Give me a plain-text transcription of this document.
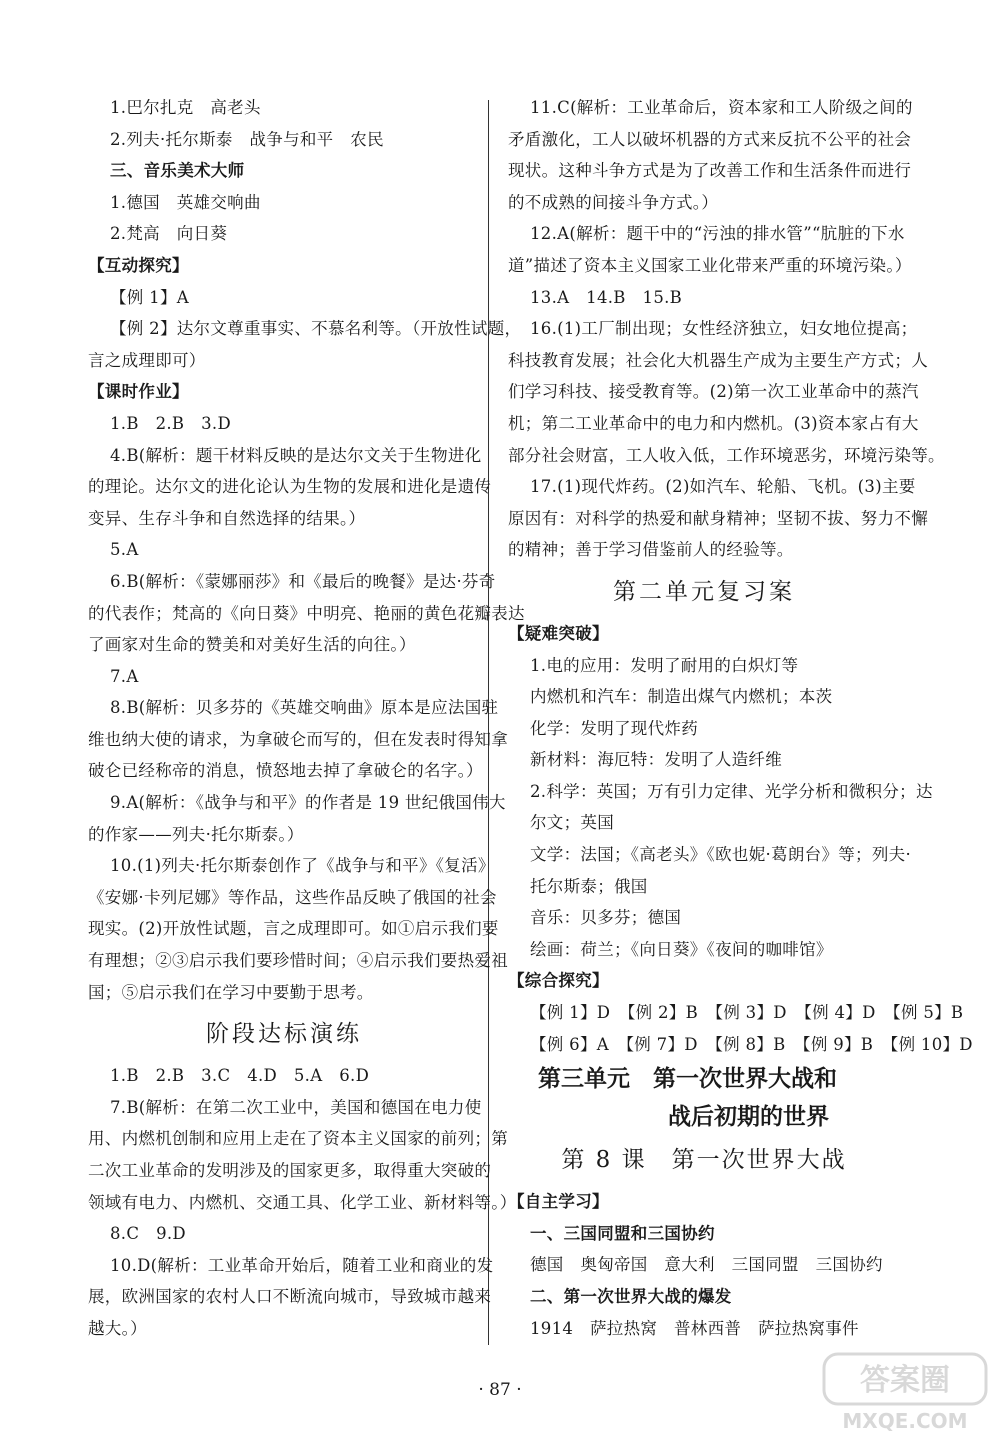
1.巴尔扎克　高老头
2.列夫·托尔斯泰　战争与和平　农民
三、音乐美术大师
1.德国　英雄交响曲
2.梵高　向日葵
【互动探究】
【例 1】A
【例 2】达尔文尊重事实、不慕名利等。（开放性试题，
言之成理即可）
【课时作业】
1.B　2.B　3.D
4.B(解析：题干材料反映的是达尔文关于生物进化
的理论。达尔文的进化论认为生物的发展和进化是遗传
变异、生存斗争和自然选择的结果。）
5.A
6.B(解析：《蒙娜丽莎》和《最后的晚餐》是达·芬奇
的代表作；梵高的《向日葵》中明亮、艳丽的黄色花瓣表达
了画家对生命的赞美和对美好生活的向往。）
7.A
8.B(解析：贝多芬的《英雄交响曲》原本是应法国驻
维也纳大使的请求，为拿破仑而写的，但在发表时得知拿
破仑已经称帝的消息，愤怒地去掉了拿破仑的名字。）
9.A(解析：《战争与和平》的作者是 19 世纪俄国伟大
的作家——列夫·托尔斯泰。）
10.(1)列夫·托尔斯泰创作了《战争与和平》《复活》
《安娜·卡列尼娜》等作品，这些作品反映了俄国的社会
现实。(2)开放性试题，言之成理即可。如①启示我们要
有理想；②③启示我们要珍惜时间；④启示我们要热爱祖
国；⑤启示我们在学习中要勤于思考。
阶段达标演练
1.B　2.B　3.C　4.D　5.A　6.D
7.B(解析：在第二次工业中，美国和德国在电力使
用、内燃机创制和应用上走在了资本主义国家的前列；第
二次工业革命的发明涉及的国家更多，取得重大突破的
领域有电力、内燃机、交通工具、化学工业、新材料等。）
8.C　9.D
10.D(解析：工业革命开始后，随着工业和商业的发
展，欧洲国家的农村人口不断流向城市，导致城市越来
越大。）
11.C(解析：工业革命后，资本家和工人阶级之间的
矛盾激化，工人以破坏机器的方式来反抗不公平的社会
现状。这种斗争方式是为了改善工作和生活条件而进行
的不成熟的间接斗争方式。）
12.A(解析：题干中的“污浊的排水管”“肮脏的下水
道”描述了资本主义国家工业化带来严重的环境污染。）
13.A　14.B　15.B
16.(1)工厂制出现；女性经济独立，妇女地位提高；
科技教育发展；社会化大机器生产成为主要生产方式；人
们学习科技、接受教育等。(2)第一次工业革命中的蒸汽
机；第二工业革命中的电力和内燃机。(3)资本家占有大
部分社会财富，工人收入低，工作环境恶劣，环境污染等。
17.(1)现代炸药。(2)如汽车、轮船、飞机。(3)主要
原因有：对科学的热爱和献身精神；坚韧不拔、努力不懈
的精神；善于学习借鉴前人的经验等。
第二单元复习案
【疑难突破】
1.电的应用：发明了耐用的白炽灯等
内燃机和汽车：制造出煤气内燃机；本茨
化学：发明了现代炸药
新材料：海厄特：发明了人造纤维
2.科学：英国；万有引力定律、光学分析和微积分；达
尔文；英国
文学：法国；《高老头》《欧也妮·葛朗台》等；列夫·
托尔斯泰；俄国
音乐：贝多芬；德国
绘画：荷兰；《向日葵》《夜间的咖啡馆》
【综合探究】
【例 1】D　【例 2】B　【例 3】D　【例 4】D　【例 5】B
【例 6】A　【例 7】D　【例 8】B　【例 9】B　【例 10】D
第三单元　第一次世界大战和
战后初期的世界
第 8 课　第一次世界大战
【自主学习】
一、三国同盟和三国协约
德国　奥匈帝国　意大利　三国同盟　三国协约
二、第一次世界大战的爆发
1914　萨拉热窝　普林西普　萨拉热窝事件
· 87 ·	答案圈
MXQE.COM
